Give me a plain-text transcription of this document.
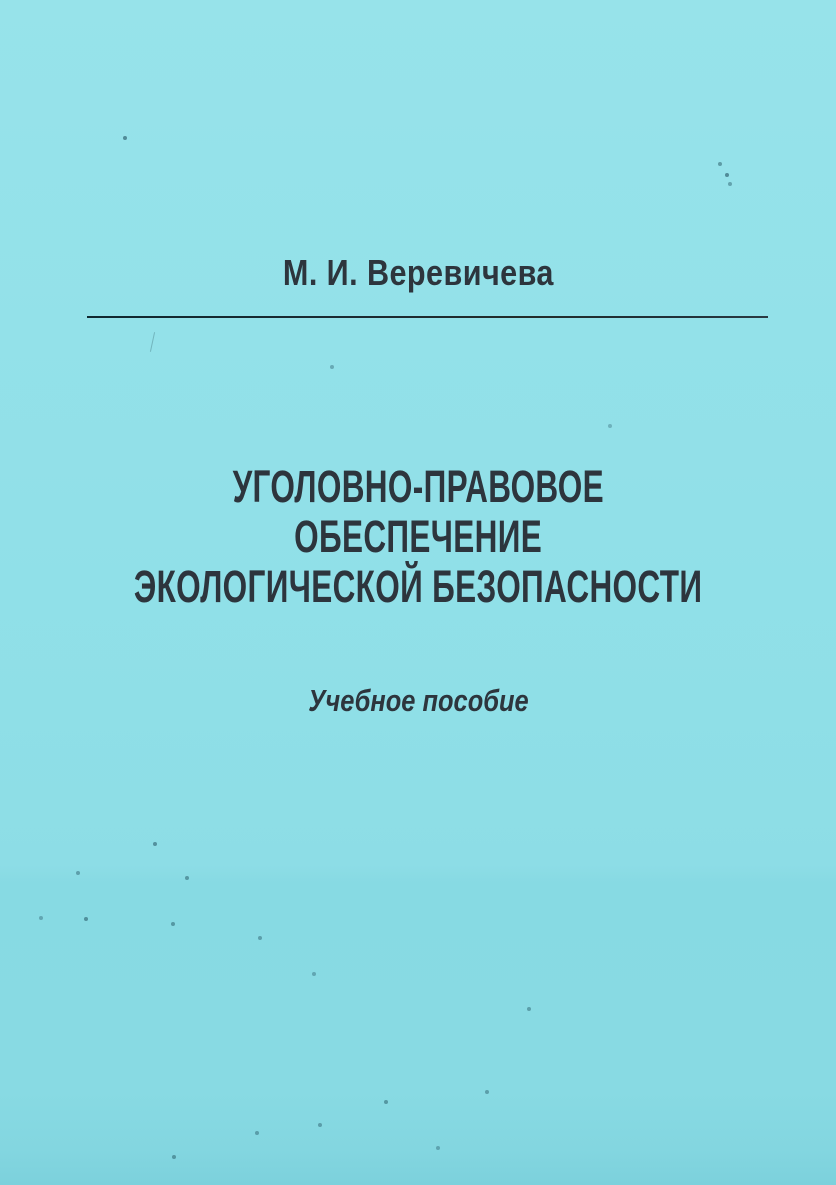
М. И. Веревичева
УГОЛОВНО-ПРАВОВОЕ
ОБЕСПЕЧЕНИЕ
ЭКОЛОГИЧЕСКОЙ БЕЗОПАСНОСТИ
Учебное пособие
